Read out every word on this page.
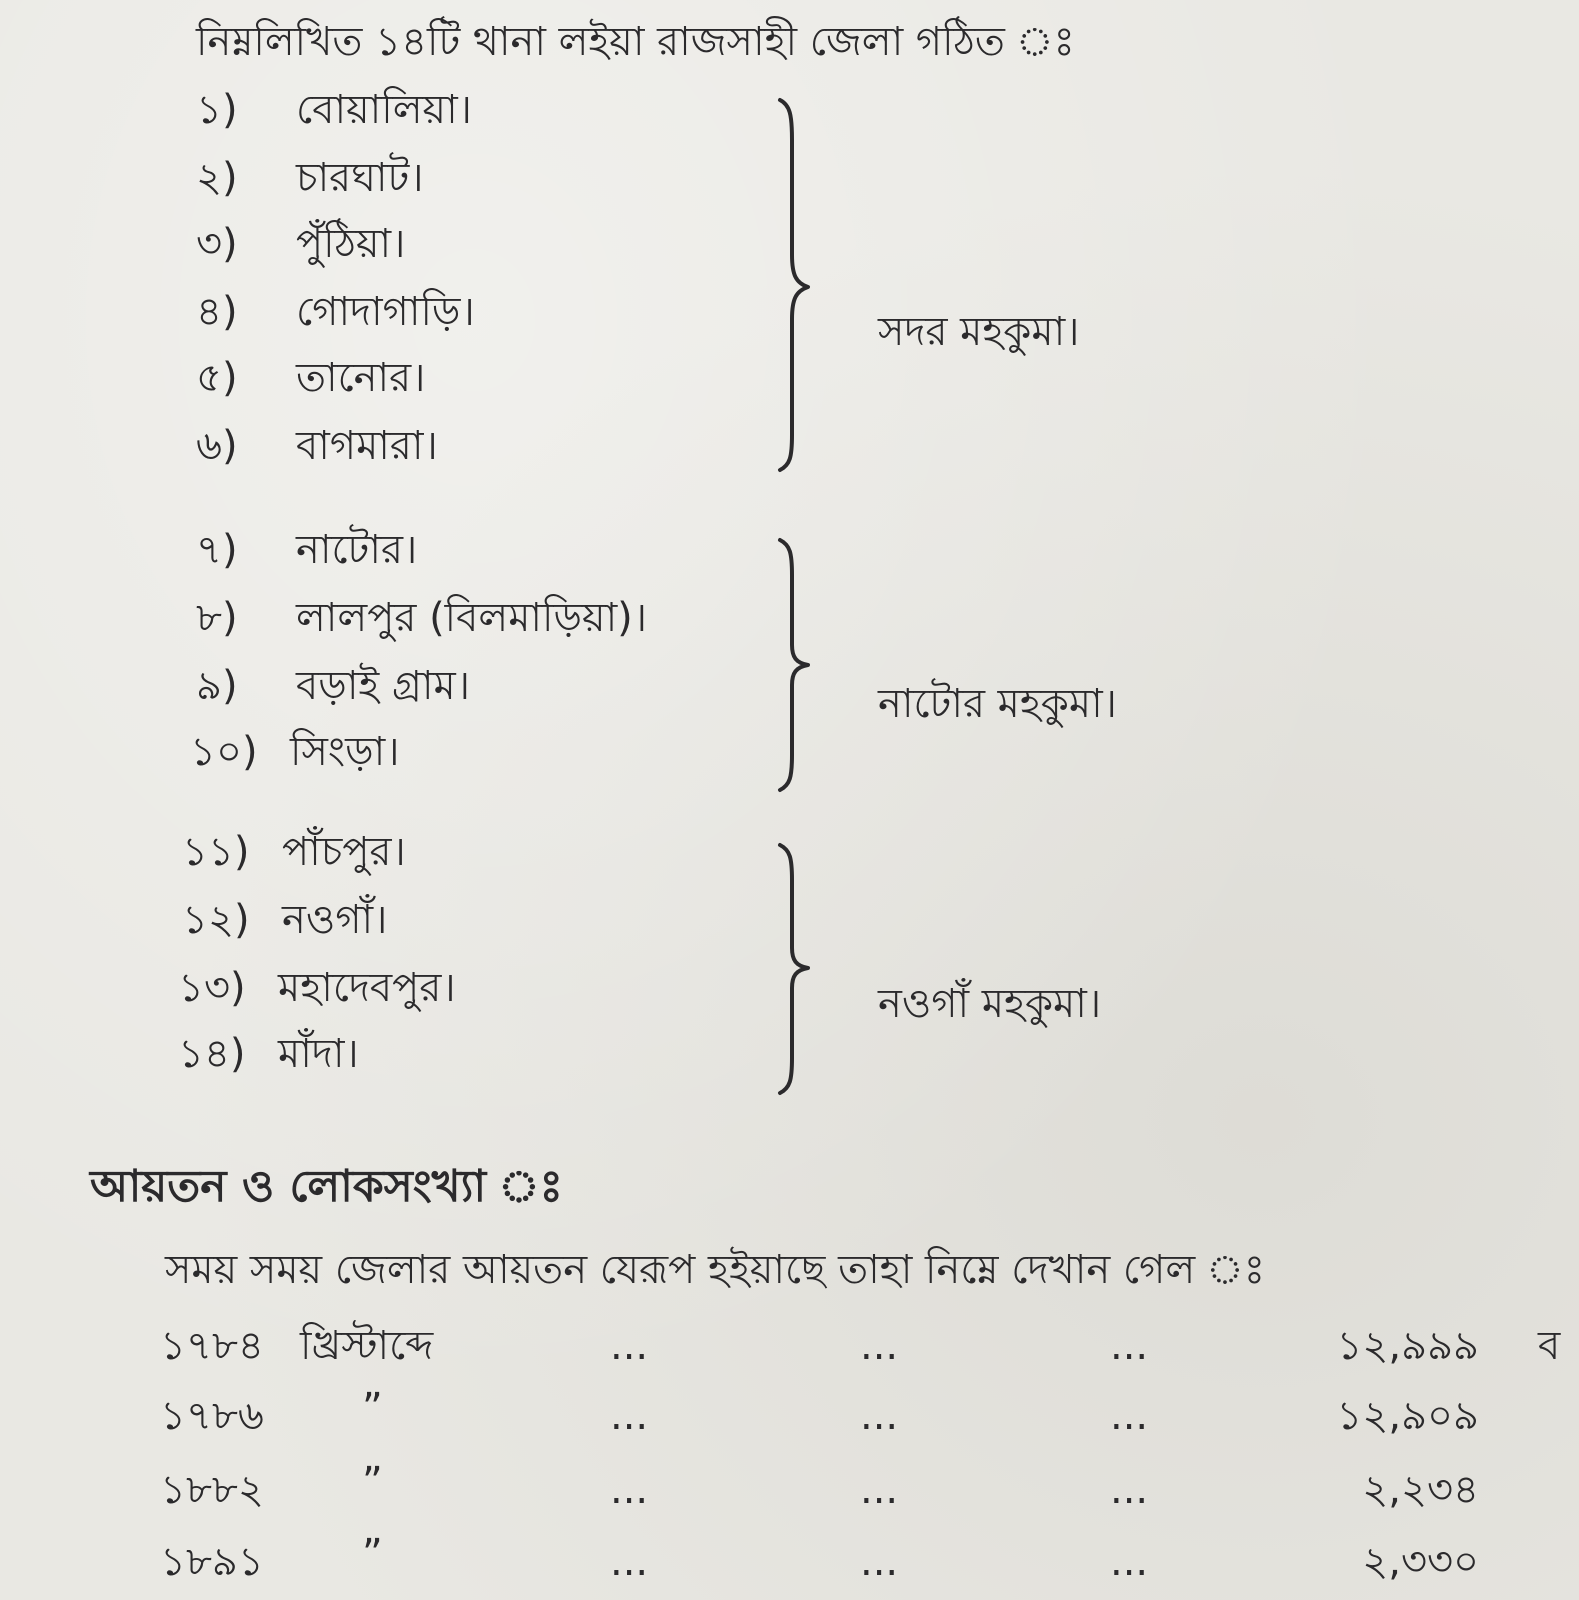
নিম্নলিখিত ১৪টি থানা লইয়া রাজসাহী জেলা গঠিত ঃ
১) বোয়ালিয়া।
২) চারঘাট।
৩) পুঁঠিয়া।
৪) গোদাগাড়ি।
৫) তানোর।
৬) বাগমারা।
সদর মহকুমা।
৭) নাটোর।
৮) লালপুর (বিলমাড়িয়া)।
৯) বড়াই গ্রাম।
১০) সিংড়া।
নাটোর মহকুমা।
১১) পাঁচপুর।
১২) নওগাঁ।
১৩) মহাদেবপুর।
১৪) মাঁদা।
নওগাঁ মহকুমা।
আয়তন ও লোকসংখ্যা ঃ
সময় সময় জেলার আয়তন যেরূপ হইয়াছে তাহা নিম্নে দেখান গেল ঃ
১৭৮৪ খ্রিস্টাব্দে	...	...	...	১২,৯৯৯ ব
১৭৮৬ ”	...	...	...	১২,৯০৯
১৮৮২ ”	...	...	...	২,২৩৪
১৮৯১ ”	...	...	...	২,৩৩০
